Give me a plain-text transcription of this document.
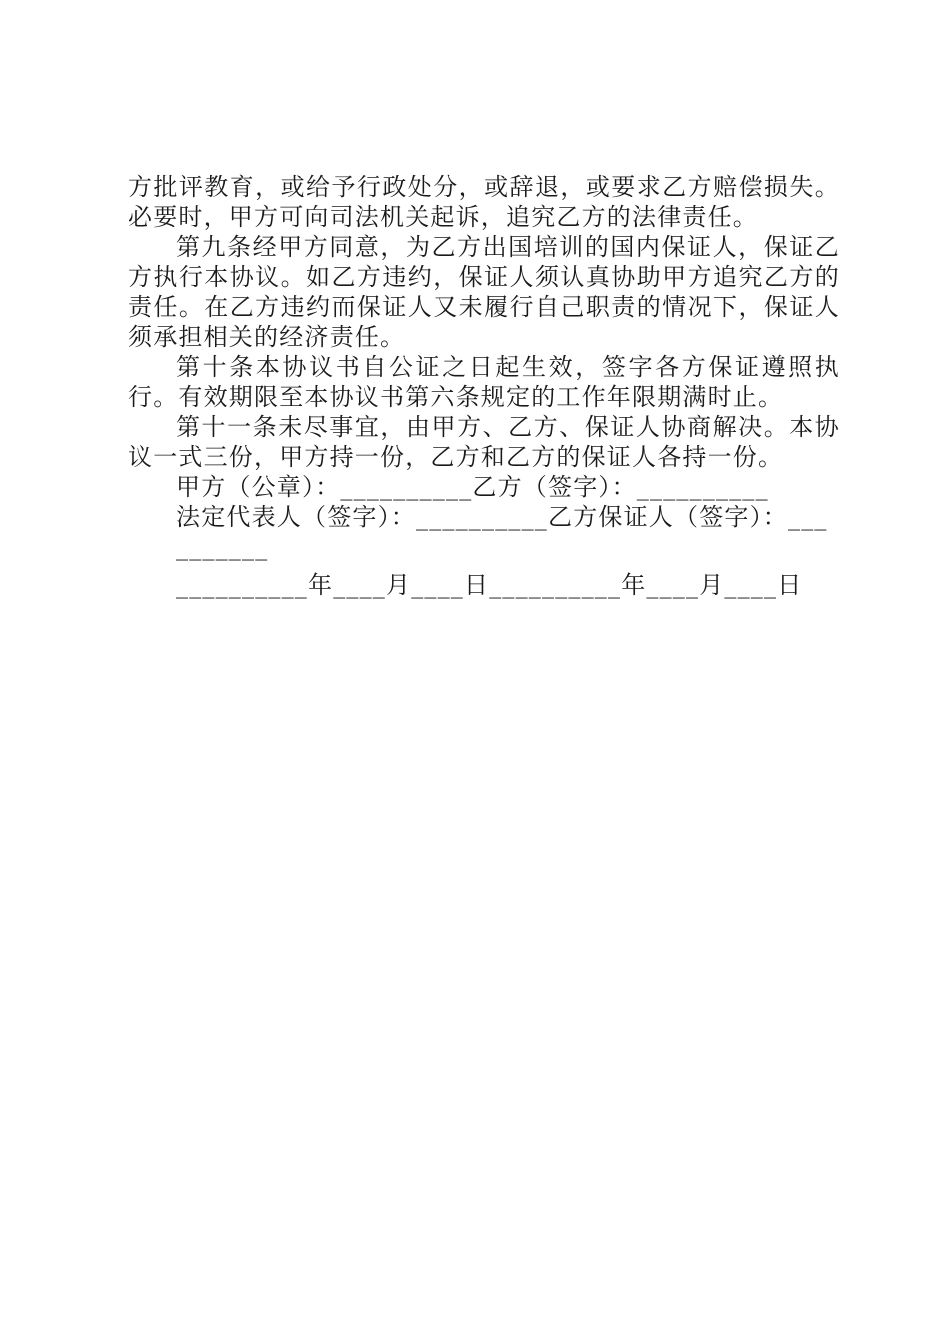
方批评教育，或给予行政处分，或辞退，或要求乙方赔偿损失。必要时，甲方可向司法机关起诉，追究乙方的法律责任。

第九条经甲方同意，为乙方出国培训的国内保证人，保证乙方执行本协议。如乙方违约，保证人须认真协助甲方追究乙方的责任。在乙方违约而保证人又未履行自己职责的情况下，保证人须承担相关的经济责任。

第十条本协议书自公证之日起生效，签字各方保证遵照执行。有效期限至本协议书第六条规定的工作年限期满时止。

第十一条未尽事宜，由甲方、乙方、保证人协商解决。本协议一式三份，甲方持一份，乙方和乙方的保证人各持一份。

甲方（公章）：__________乙方（签字）：__________

法定代表人（签字）：__________乙方保证人（签字）：__________

__________年____月____日__________年____月____日
